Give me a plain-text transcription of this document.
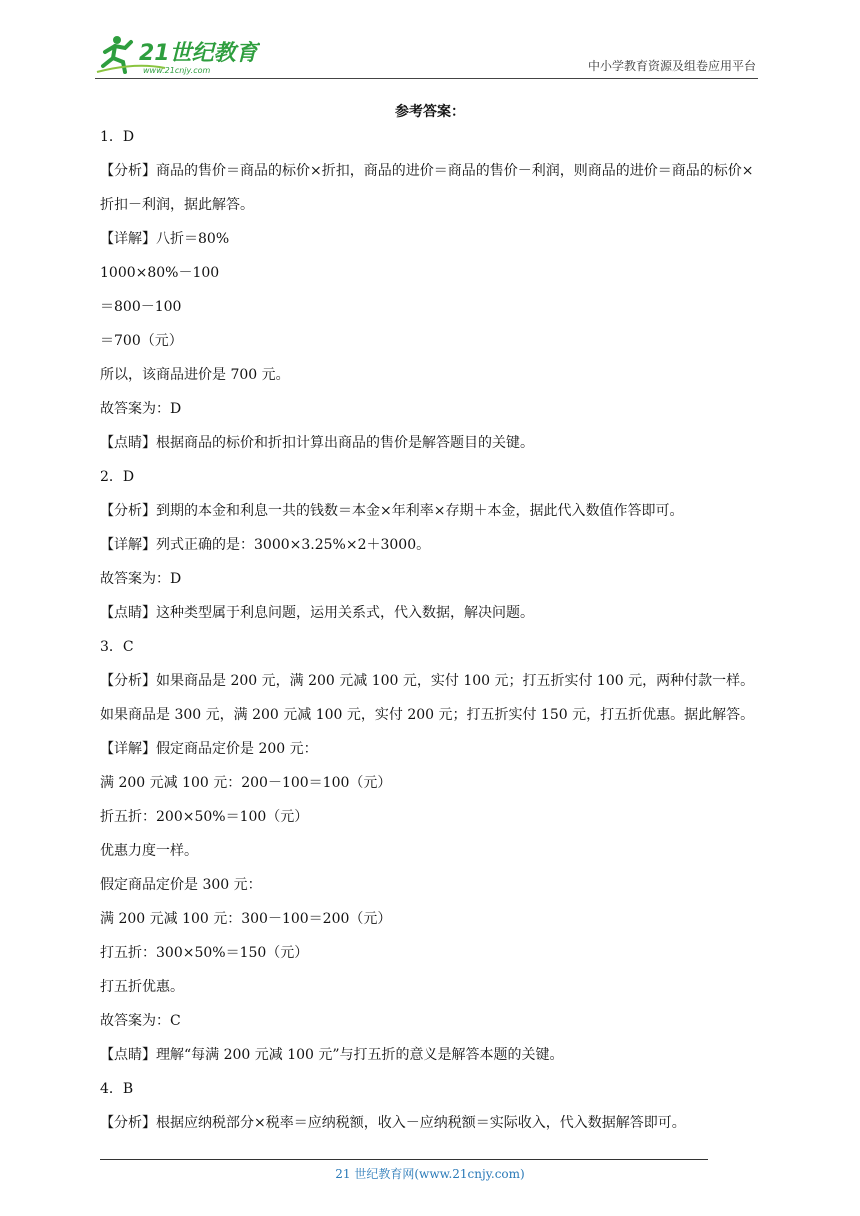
21世纪教育
www.21cnjy.com	中小学教育资源及组卷应用平台
参考答案：
1．D
【分析】商品的售价＝商品的标价×折扣，商品的进价＝商品的售价－利润，则商品的进价＝商品的标价×折扣－利润，据此解答。
【详解】八折＝80%
1000×80%－100
＝800－100
＝700（元）
所以，该商品进价是 700 元。
故答案为：D
【点睛】根据商品的标价和折扣计算出商品的售价是解答题目的关键。
2．D
【分析】到期的本金和利息一共的钱数＝本金×年利率×存期＋本金，据此代入数值作答即可。
【详解】列式正确的是：3000×3.25%×2＋3000。
故答案为：D
【点睛】这种类型属于利息问题，运用关系式，代入数据，解决问题。
3．C
【分析】如果商品是 200 元，满 200 元减 100 元，实付 100 元；打五折实付 100 元，两种付款一样。
如果商品是 300 元，满 200 元减 100 元，实付 200 元；打五折实付 150 元，打五折优惠。据此解答。
【详解】假定商品定价是 200 元：
满 200 元减 100 元：200－100＝100（元）
折五折：200×50%＝100（元）
优惠力度一样。
假定商品定价是 300 元：
满 200 元减 100 元：300－100＝200（元）
打五折：300×50%＝150（元）
打五折优惠。
故答案为：C
【点睛】理解“每满 200 元减 100 元”与打五折的意义是解答本题的关键。
4．B
【分析】根据应纳税部分×税率＝应纳税额，收入－应纳税额＝实际收入，代入数据解答即可。
21 世纪教育网(www.21cnjy.com)
